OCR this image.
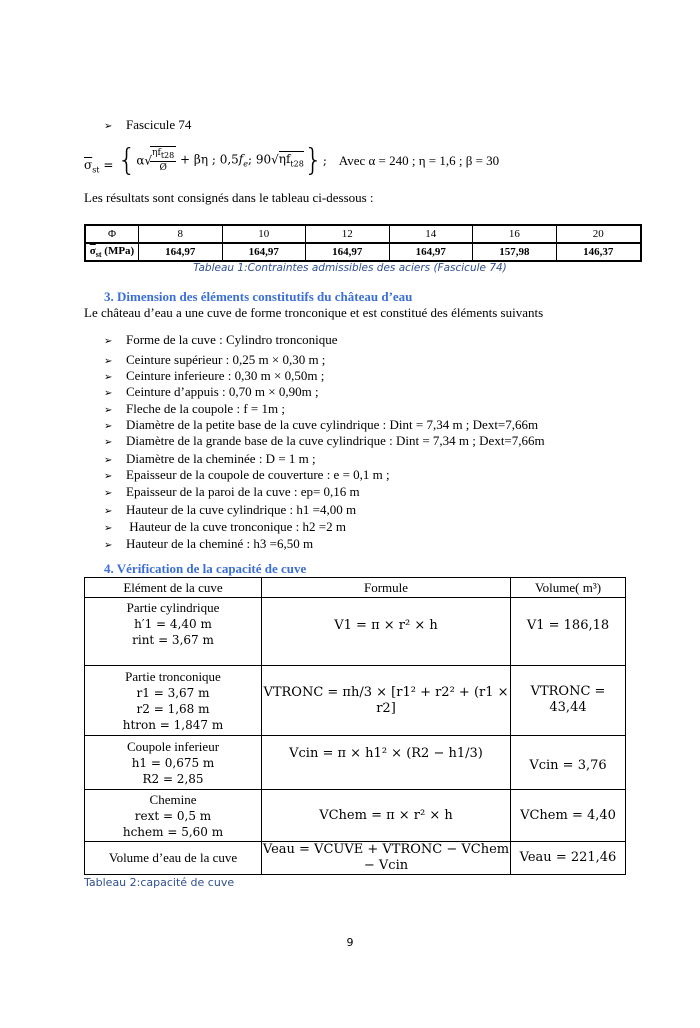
➢ Fascicule 74
$\overline{\sigma}_{st} = \{\alpha√$
$\frac{\eta f_{t28}}{Ø} + \beta\eta$ ; $0,5f_e$; $90√\eta f_{t28}$}; Avec α = 240 ; η = 1,6 ; β = 30
Les résultats sont consignés dans le tableau ci-dessous :
Φ	8	10	12	14	16	20
$\overline{\sigma}_{st}$ (MPa)	164,97	164,97	164,97	164,97	157,98	146,37
Tableau 1:Contraintes admissibles des aciers (Fascicule 74)
3. Dimension des éléments constitutifs du château d’eau
Le château d’eau a une cuve de forme tronconique et est constitué des éléments suivants
➢ Forme de la cuve : Cylindro tronconique
➢ Ceinture supérieur : 0,25 m × 0,30 m ;
➢ Ceinture inferieure : 0,30 m × 0,50m ;
➢ Ceinture d’appuis : 0,70 m × 0,90m ;
➢ Fleche de la coupole : f = 1m ;
➢ Diamètre de la petite base de la cuve cylindrique : Dint = 7,34 m ; Dext=7,66m
➢ Diamètre de la grande base de la cuve cylindrique : Dint = 7,34 m ; Dext=7,66m
➢ Diamètre de la cheminée : D = 1 m ;
➢ Epaisseur de la coupole de couverture : e = 0,1 m ;
➢ Epaisseur de la paroi de la cuve : ep= 0,16 m
➢ Hauteur de la cuve cylindrique : h1 =4,00 m
➢ Hauteur de la cuve tronconique : h2 =2 m
➢ Hauteur de la cheminé : h3 =6,50 m
4. Vérification de la capacité de cuve
Elément de la cuve	Formule	Volume( m³)

Partie cylindrique
h′1 = 4,40 m
rint = 3,67 m	V1 = π × r² × h	V1 = 186,18

Partie tronconique
r1 = 3,67 m
r2 = 1,68 m
htron = 1,847 m	VTRONC = πh/3 × [r1² + r2² + (r1 × r2]	VTRONC = 43,44

Coupole inferieur
h1 = 0,675 m
R2 = 2,85	Vcin = π × h1² × (R2 − h1/3)	Vcin = 3,76

Chemine
rext = 0,5 m
hchem = 5,60 m	VChem = π × r² × h	VChem = 4,40
Volume d’eau de la cuve	Veau = VCUVE + VTRONC − VChem − Vcin	Veau = 221,46
Tableau 2:capacité de cuve
9
